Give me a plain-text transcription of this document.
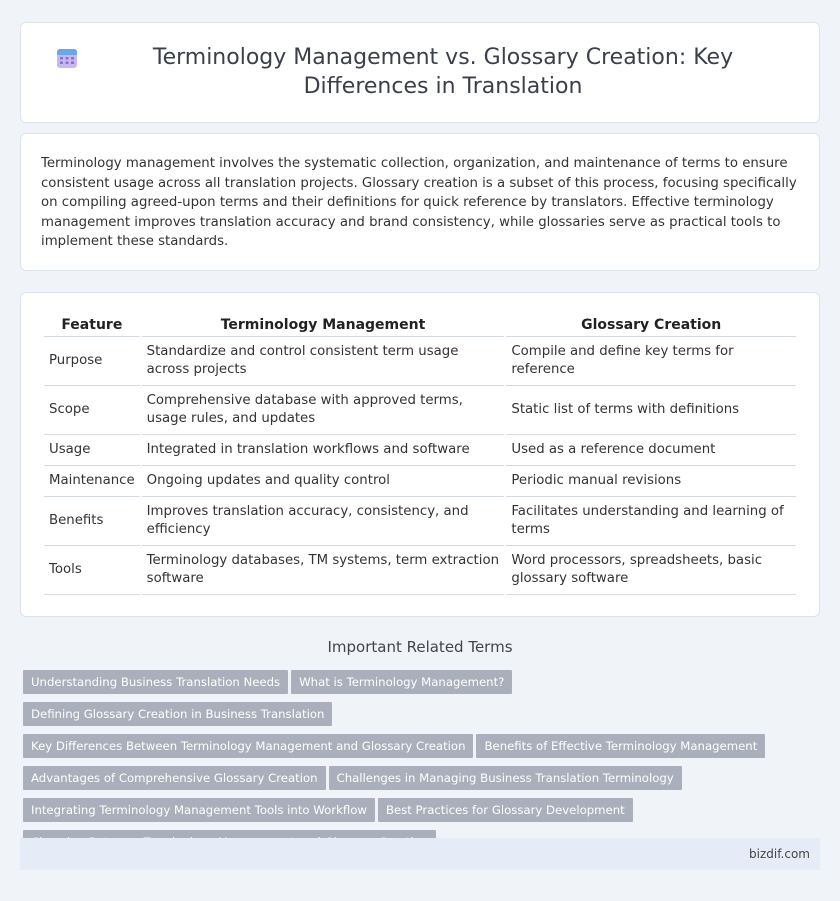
Terminology Management vs. Glossary Creation: Key Differences in Translation

Terminology management involves the systematic collection, organization, and maintenance of terms to ensure consistent usage across all translation projects. Glossary creation is a subset of this process, focusing specifically on compiling agreed-upon terms and their definitions for quick reference by translators. Effective terminology management improves translation accuracy and brand consistency, while glossaries serve as practical tools to implement these standards.

Feature	Terminology Management	Glossary Creation
Purpose	Standardize and control consistent term usage across projects	Compile and define key terms for reference
Scope	Comprehensive database with approved terms, usage rules, and updates	Static list of terms with definitions
Usage	Integrated in translation workflows and software	Used as a reference document
Maintenance	Ongoing updates and quality control	Periodic manual revisions
Benefits	Improves translation accuracy, consistency, and efficiency	Facilitates understanding and learning of terms
Tools	Terminology databases, TM systems, term extraction software	Word processors, spreadsheets, basic glossary software
Important Related Terms
Understanding Business Translation Needs	What is Terminology Management?
Defining Glossary Creation in Business Translation
Key Differences Between Terminology Management and Glossary Creation	Benefits of Effective Terminology Management
Advantages of Comprehensive Glossary Creation	Challenges in Managing Business Translation Terminology
Integrating Terminology Management Tools into Workflow	Best Practices for Glossary Development
bizdif.com
